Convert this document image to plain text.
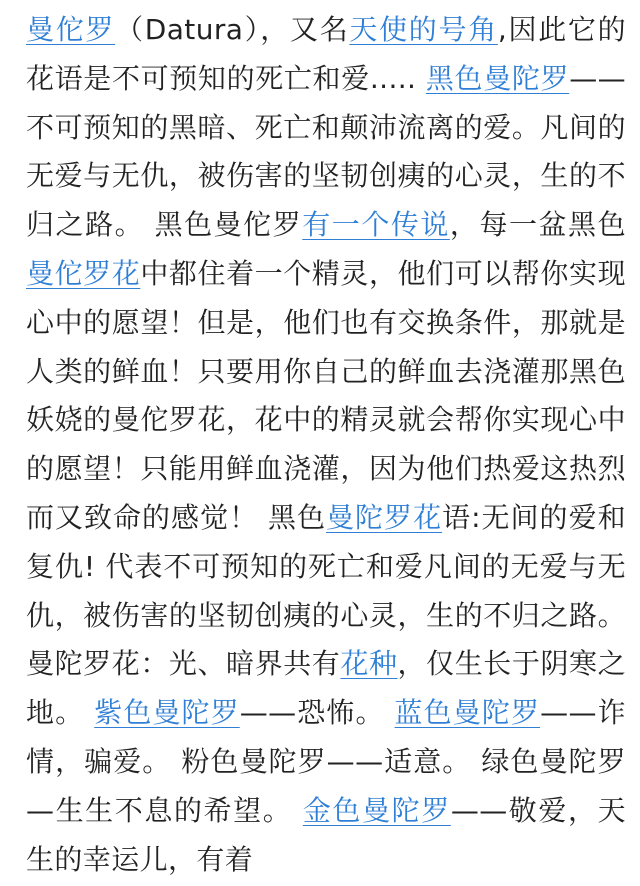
曼佗罗（Datura），又名天使的号角,因此它的花语是不可预知的死亡和爱..... 黑色曼陀罗——不可预知的黑暗、死亡和颠沛流离的爱。凡间的无爱与无仇，被伤害的坚韧创痍的心灵，生的不归之路。 黑色曼佗罗有一个传说，每一盆黑色曼佗罗花中都住着一个精灵，他们可以帮你实现心中的愿望！但是，他们也有交换条件，那就是人类的鲜血！只要用你自己的鲜血去浇灌那黑色妖娆的曼佗罗花，花中的精灵就会帮你实现心中的愿望！只能用鲜血浇灌，因为他们热爱这热烈而又致命的感觉！ 黑色曼陀罗花语:无间的爱和复仇! 代表不可预知的死亡和爱凡间的无爱与无仇，被伤害的坚韧创痍的心灵，生的不归之路。 曼陀罗花：光、暗界共有花种，仅生长于阴寒之地。 紫色曼陀罗——恐怖。 蓝色曼陀罗——诈情，骗爱。 粉色曼陀罗——适意。 绿色曼陀罗—生生不息的希望。 金色曼陀罗——敬爱，天生的幸运儿，有着
